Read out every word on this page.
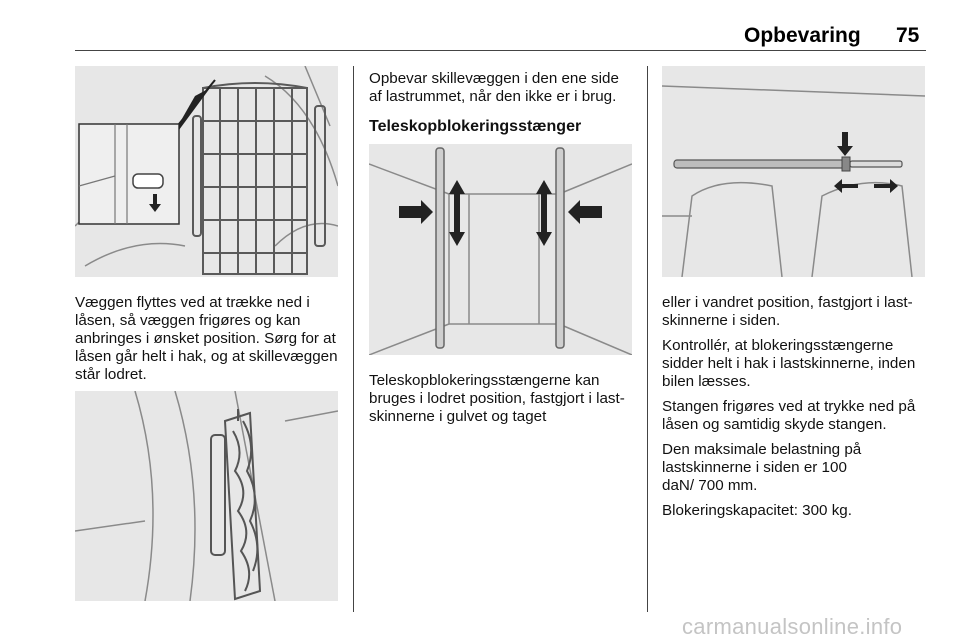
Opbevaring 75

Væggen flyttes ved at trække ned i låsen, så væggen frigøres og kan anbringes i ønsket position. Sørg for at låsen går helt i hak, og at skillevæggen står lodret.

Opbevar skillevæggen i den ene side af lastrummet, når den ikke er i brug.

Teleskopblokeringsstænger

Teleskopblokeringsstængerne kan bruges i lodret position, fastgjort i lastskinnerne i gulvet og taget

eller i vandret position, fastgjort i lastskinnerne i siden.

Kontrollér, at blokeringsstængerne sidder helt i hak i lastskinnerne, inden bilen læsses.

Stangen frigøres ved at trykke ned på låsen og samtidig skyde stangen.

Den maksimale belastning på lastskinnerne i siden er 100 daN/ 700 mm.

Blokeringskapacitet: 300 kg.

carmanualsonline.info
